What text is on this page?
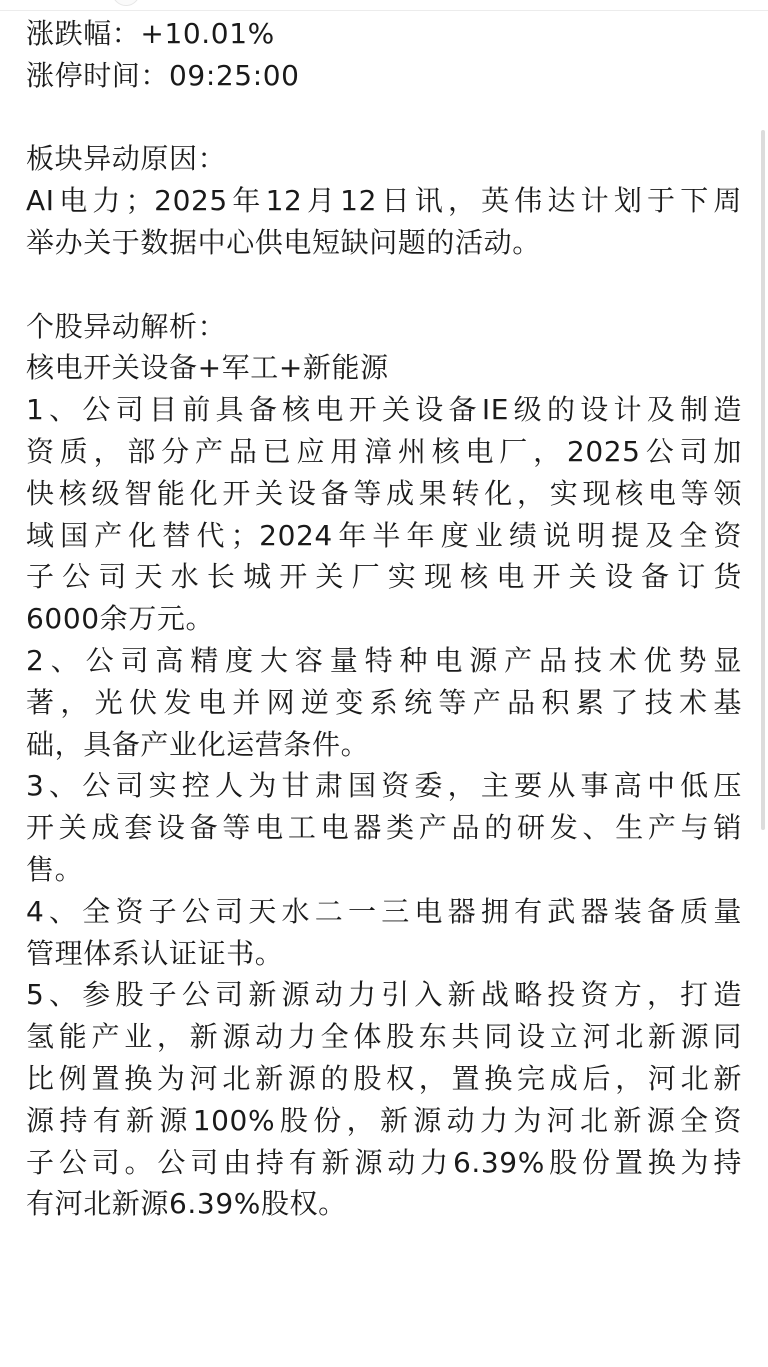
涨跌幅：+10.01%
涨停时间：09:25:00
板块异动原因：
AI电力；2025年12月12日讯，英伟达计划于下周
举办关于数据中心供电短缺问题的活动。
个股异动解析：
核电开关设备+军工+新能源
1、公司目前具备核电开关设备IE级的设计及制造
资质，部分产品已应用漳州核电厂，2025公司加
快核级智能化开关设备等成果转化，实现核电等领
域国产化替代；2024年半年度业绩说明提及全资
子公司天水长城开关厂实现核电开关设备订货
6000余万元。
2、公司高精度大容量特种电源产品技术优势显
著，光伏发电并网逆变系统等产品积累了技术基
础，具备产业化运营条件。
3、公司实控人为甘肃国资委，主要从事高中低压
开关成套设备等电工电器类产品的研发、生产与销
售。
4、全资子公司天水二一三电器拥有武器装备质量
管理体系认证证书。
5、参股子公司新源动力引入新战略投资方，打造
氢能产业，新源动力全体股东共同设立河北新源同
比例置换为河北新源的股权，置换完成后，河北新
源持有新源100%股份，新源动力为河北新源全资
子公司。公司由持有新源动力6.39%股份置换为持
有河北新源6.39%股权。
